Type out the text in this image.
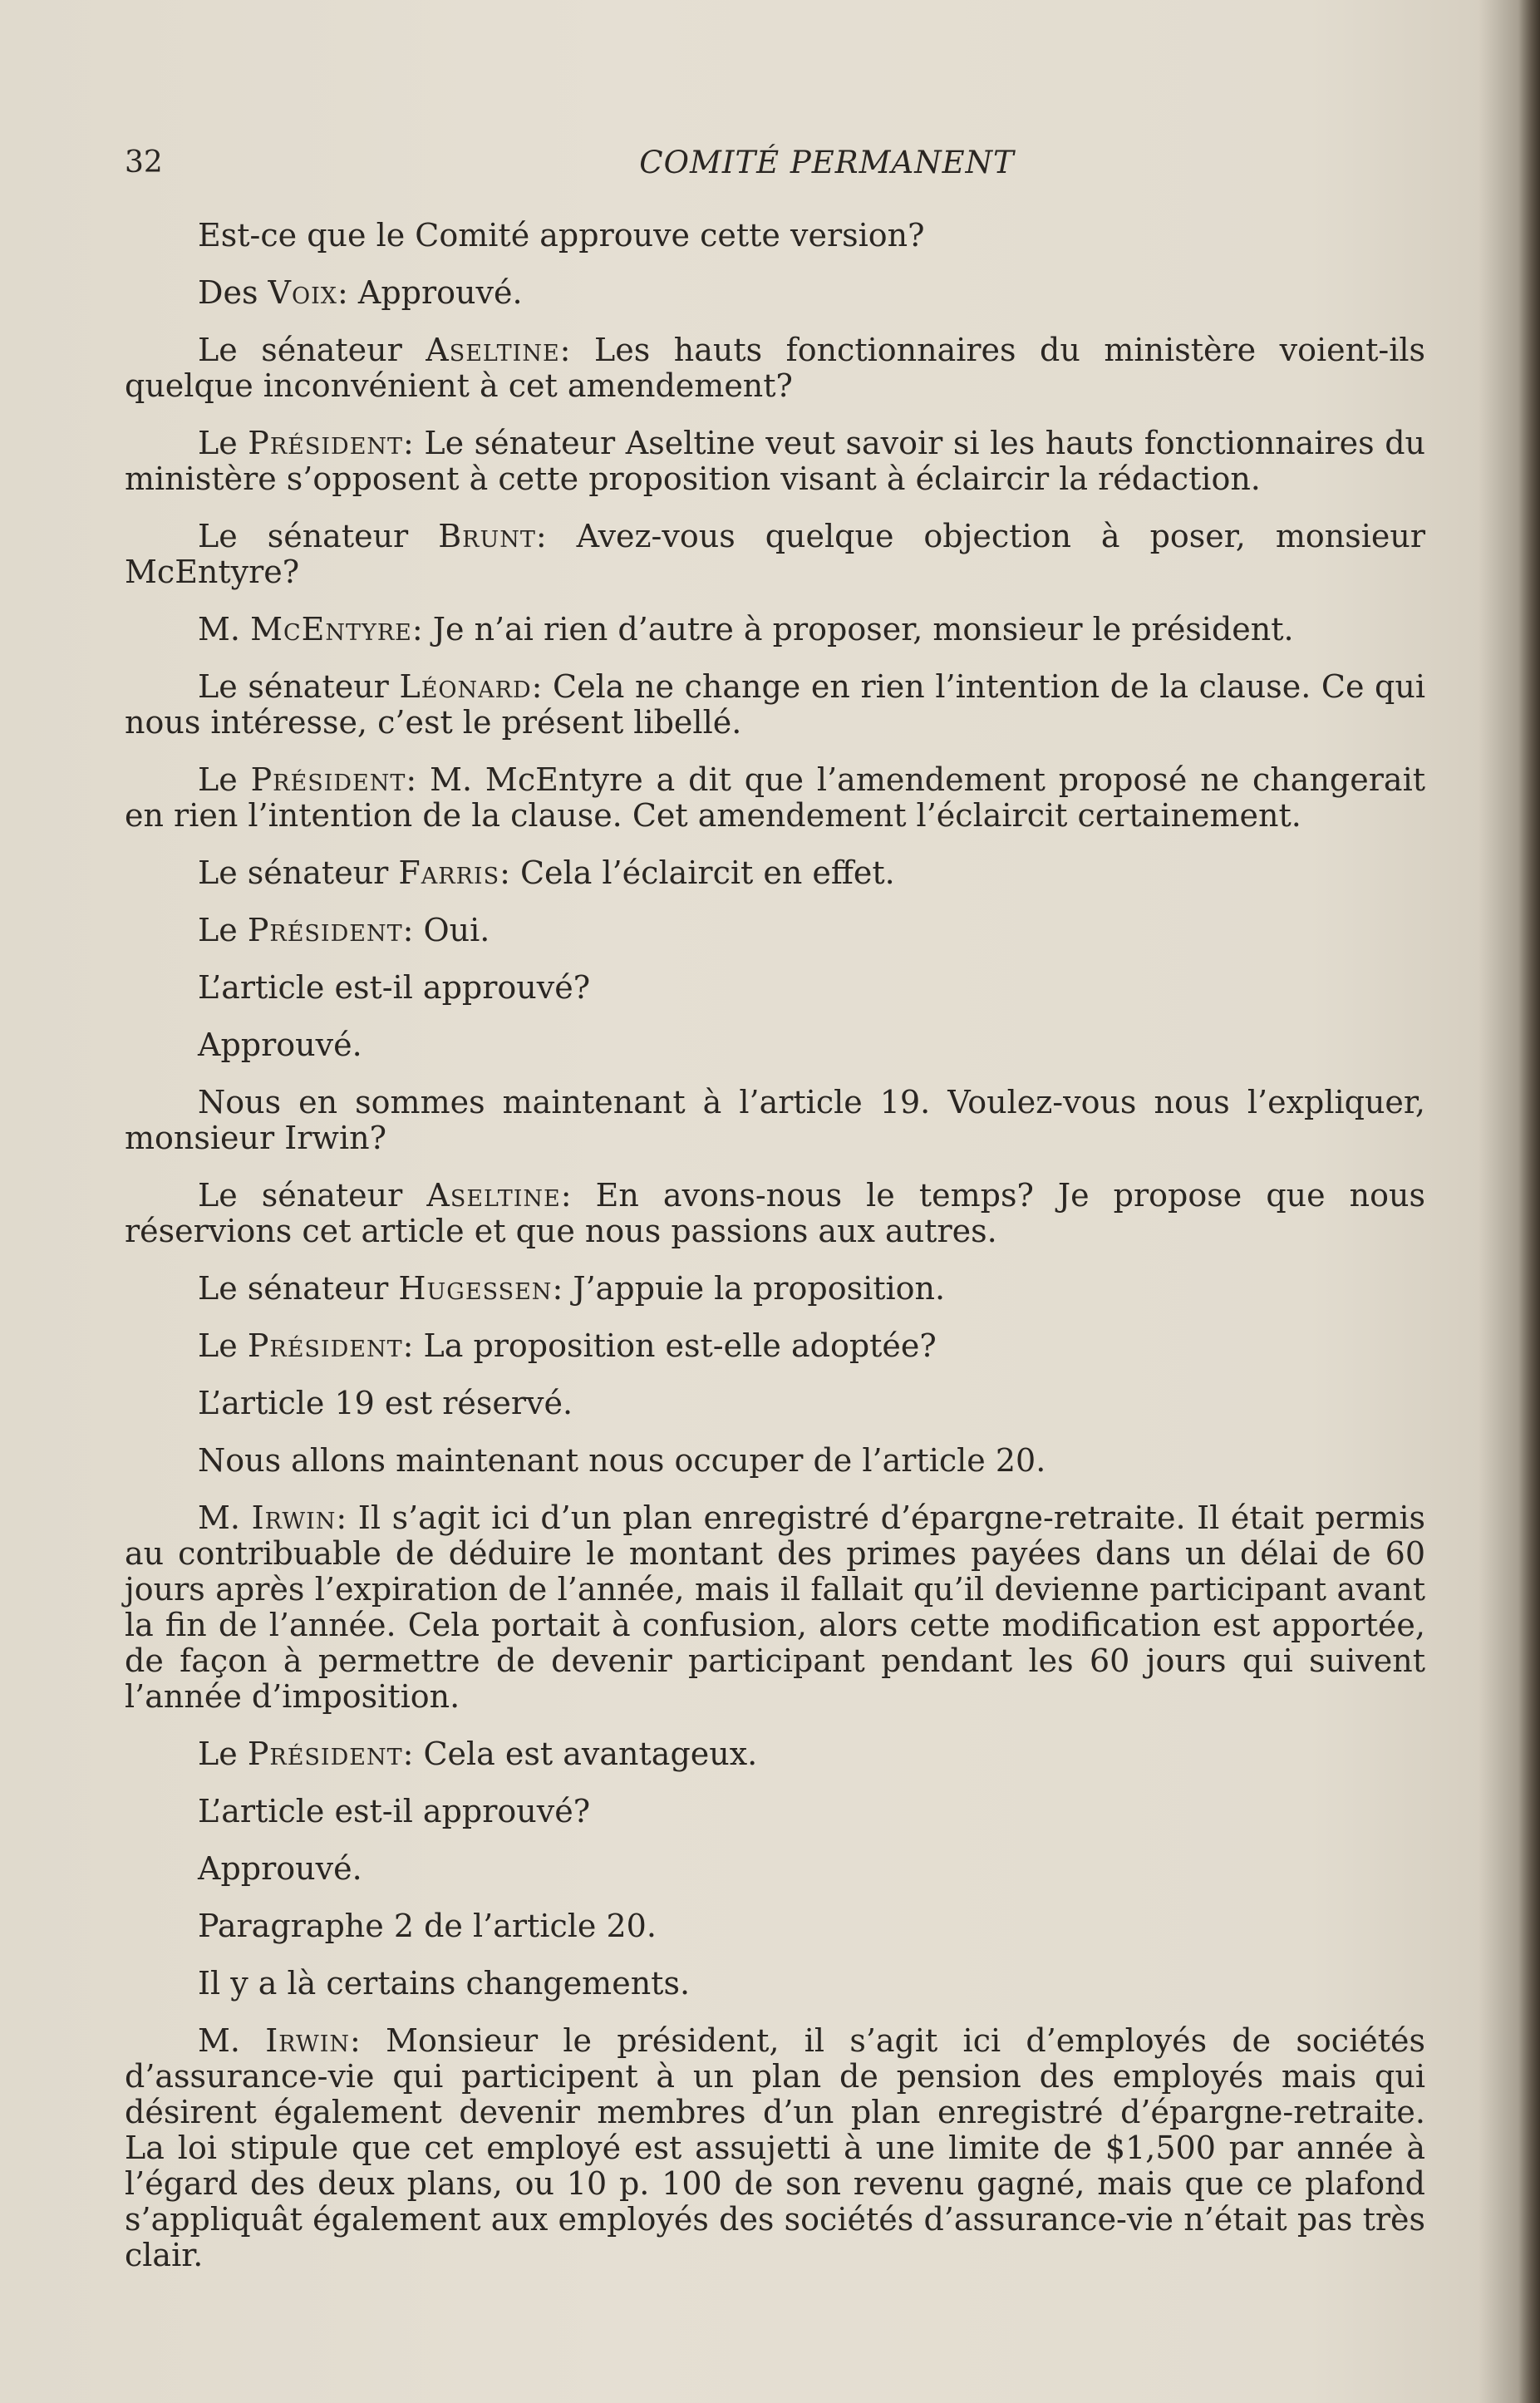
32	COMITÉ PERMANENT

Est-ce que le Comité approuve cette version?

Des Voix: Approuvé.

Le sénateur Aseltine: Les hauts fonctionnaires du ministère voient-ils quelque inconvénient à cet amendement?

Le Président: Le sénateur Aseltine veut savoir si les hauts fonctionnaires du ministère s’opposent à cette proposition visant à éclaircir la rédaction.

Le sénateur Brunt: Avez-vous quelque objection à poser, monsieur McEntyre?

M. McEntyre: Je n’ai rien d’autre à proposer, monsieur le président.

Le sénateur Léonard: Cela ne change en rien l’intention de la clause. Ce qui nous intéresse, c’est le présent libellé.

Le Président: M. McEntyre a dit que l’amendement proposé ne changerait en rien l’intention de la clause. Cet amendement l’éclaircit certainement.

Le sénateur Farris: Cela l’éclaircit en effet.

Le Président: Oui.

L’article est-il approuvé?

Approuvé.

Nous en sommes maintenant à l’article 19. Voulez-vous nous l’expliquer, monsieur Irwin?

Le sénateur Aseltine: En avons-nous le temps? Je propose que nous réservions cet article et que nous passions aux autres.

Le sénateur Hugessen: J’appuie la proposition.

Le Président: La proposition est-elle adoptée?

L’article 19 est réservé.

Nous allons maintenant nous occuper de l’article 20.

M. Irwin: Il s’agit ici d’un plan enregistré d’épargne-retraite. Il était permis au contribuable de déduire le montant des primes payées dans un délai de 60 jours après l’expiration de l’année, mais il fallait qu’il devienne participant avant la fin de l’année. Cela portait à confusion, alors cette modification est apportée, de façon à permettre de devenir participant pendant les 60 jours qui suivent l’année d’imposition.

Le Président: Cela est avantageux.

L’article est-il approuvé?

Approuvé.

Paragraphe 2 de l’article 20.

Il y a là certains changements.

M. Irwin: Monsieur le président, il s’agit ici d’employés de sociétés d’assurance-vie qui participent à un plan de pension des employés mais qui désirent également devenir membres d’un plan enregistré d’épargne-retraite. La loi stipule que cet employé est assujetti à une limite de $1,500 par année à l’égard des deux plans, ou 10 p. 100 de son revenu gagné, mais que ce plafond s’appliquât également aux employés des sociétés d’assurance-vie n’était pas très clair.
